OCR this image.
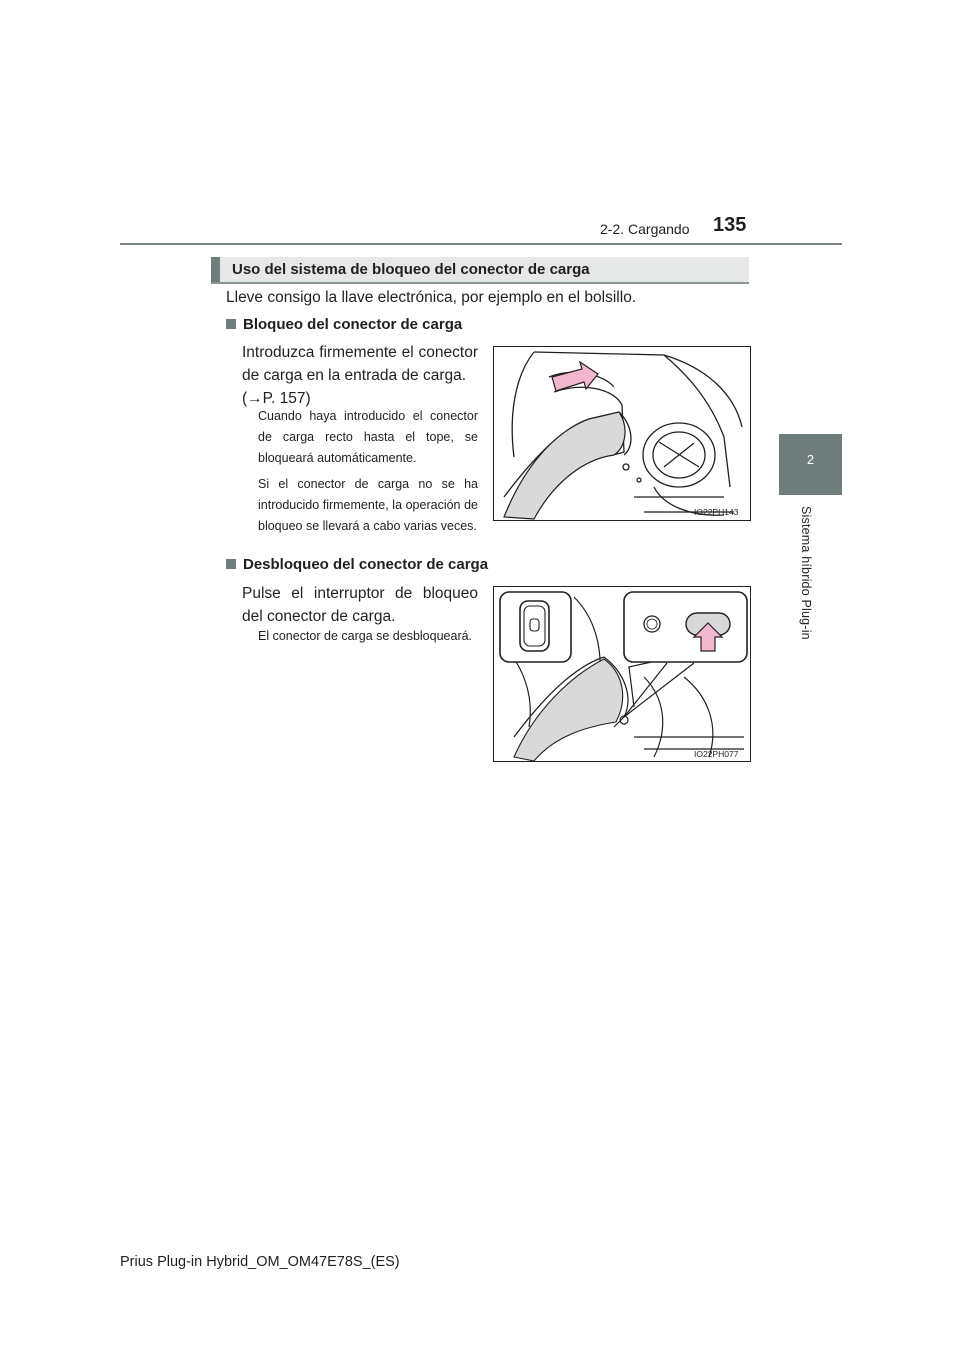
2-2. Cargando 135
2
Sistema híbrido Plug-in
Uso del sistema de bloqueo del conector de carga
Lleve consigo la llave electrónica, por ejemplo en el bolsillo.
Bloqueo del conector de carga
Introduzca firmemente el conector de carga en la entrada de carga.
(→P. 157)

Cuando haya introducido el conector de carga recto hasta el tope, se bloqueará automáticamente.

Si el conector de carga no se ha introducido firmemente, la operación de bloqueo se llevará a cabo varias veces.

IO22PH143
Desbloqueo del conector de carga
Pulse el interruptor de bloqueo del conector de carga.

El conector de carga se desbloqueará.

IO22PH077
Prius Plug-in Hybrid_OM_OM47E78S_(ES)
